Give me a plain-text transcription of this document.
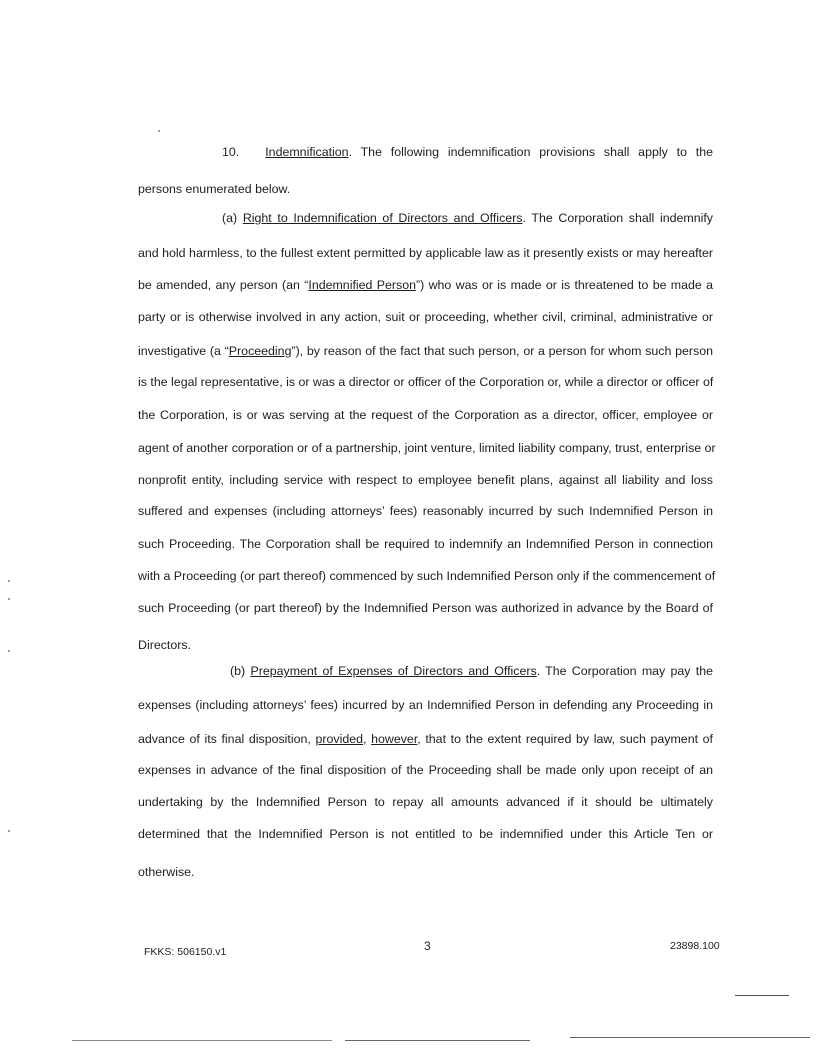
10. Indemnification. The following indemnification provisions shall apply to the
persons enumerated below.
(a) Right to Indemnification of Directors and Officers. The Corporation shall indemnify
and hold harmless, to the fullest extent permitted by applicable law as it presently exists or may hereafter
be amended, any person (an “Indemnified Person”) who was or is made or is threatened to be made a
party or is otherwise involved in any action, suit or proceeding, whether civil, criminal, administrative or
investigative (a “Proceeding”), by reason of the fact that such person, or a person for whom such person
is the legal representative, is or was a director or officer of the Corporation or, while a director or officer of
the Corporation, is or was serving at the request of the Corporation as a director, officer, employee or
agent of another corporation or of a partnership, joint venture, limited liability company, trust, enterprise or
nonprofit entity, including service with respect to employee benefit plans, against all liability and loss
suffered and expenses (including attorneys’ fees) reasonably incurred by such Indemnified Person in
such Proceeding. The Corporation shall be required to indemnify an Indemnified Person in connection
with a Proceeding (or part thereof) commenced by such Indemnified Person only if the commencement of
such Proceeding (or part thereof) by the Indemnified Person was authorized in advance by the Board of
Directors.
(b) Prepayment of Expenses of Directors and Officers. The Corporation may pay the
expenses (including attorneys’ fees) incurred by an Indemnified Person in defending any Proceeding in
advance of its final disposition, provided, however, that to the extent required by law, such payment of
expenses in advance of the final disposition of the Proceeding shall be made only upon receipt of an
undertaking by the Indemnified Person to repay all amounts advanced if it should be ultimately
determined that the Indemnified Person is not entitled to be indemnified under this Article Ten or
otherwise.
FKKS: 506150.v1	3	23898.100
